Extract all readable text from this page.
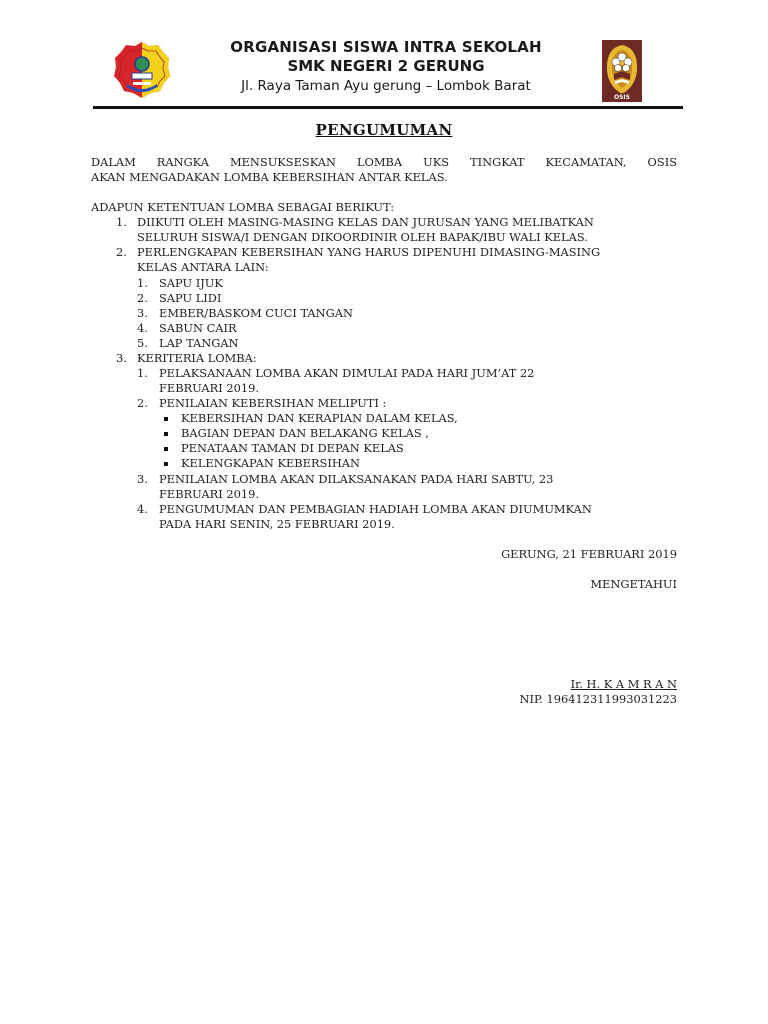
ORGANISASI SISWA INTRA SEKOLAH
SMK NEGERI 2 GERUNG
Jl. Raya Taman Ayu gerung – Lombok Barat
OSIS
PENGUMUMAN
DALAM RANGKA MENSUKSESKAN LOMBA UKS TINGKAT KECAMATAN, OSIS
AKAN MENGADAKAN LOMBA KEBERSIHAN ANTAR KELAS.
ADAPUN KETENTUAN LOMBA SEBAGAI BERIKUT:
1. DIIKUTI OLEH MASING-MASING KELAS DAN JURUSAN YANG MELIBATKAN
SELURUH SISWA/I DENGAN DIKOORDINIR OLEH BAPAK/IBU WALI KELAS.
2. PERLENGKAPAN KEBERSIHAN YANG HARUS DIPENUHI DIMASING-MASING
KELAS ANTARA LAIN:
1. SAPU IJUK
2. SAPU LIDI
3. EMBER/BASKOM CUCI TANGAN
4. SABUN CAIR
5. LAP TANGAN
3. KERITERIA LOMBA:
1. PELAKSANAAN LOMBA AKAN DIMULAI PADA HARI JUM’AT 22
FEBRUARI 2019.
2. PENILAIAN KEBERSIHAN MELIPUTI :
KEBERSIHAN DAN KERAPIAN DALAM KELAS,
BAGIAN DEPAN DAN BELAKANG KELAS ,
PENATAAN TAMAN DI DEPAN KELAS
KELENGKAPAN KEBERSIHAN
3. PENILAIAN LOMBA AKAN DILAKSANAKAN PADA HARI SABTU, 23
FEBRUARI 2019.
4. PENGUMUMAN DAN PEMBAGIAN HADIAH LOMBA AKAN DIUMUMKAN
PADA HARI SENIN, 25 FEBRUARI 2019.
GERUNG, 21 FEBRUARI 2019
MENGETAHUI
Ir. H. K A M R A N
NIP. 196412311993031223
